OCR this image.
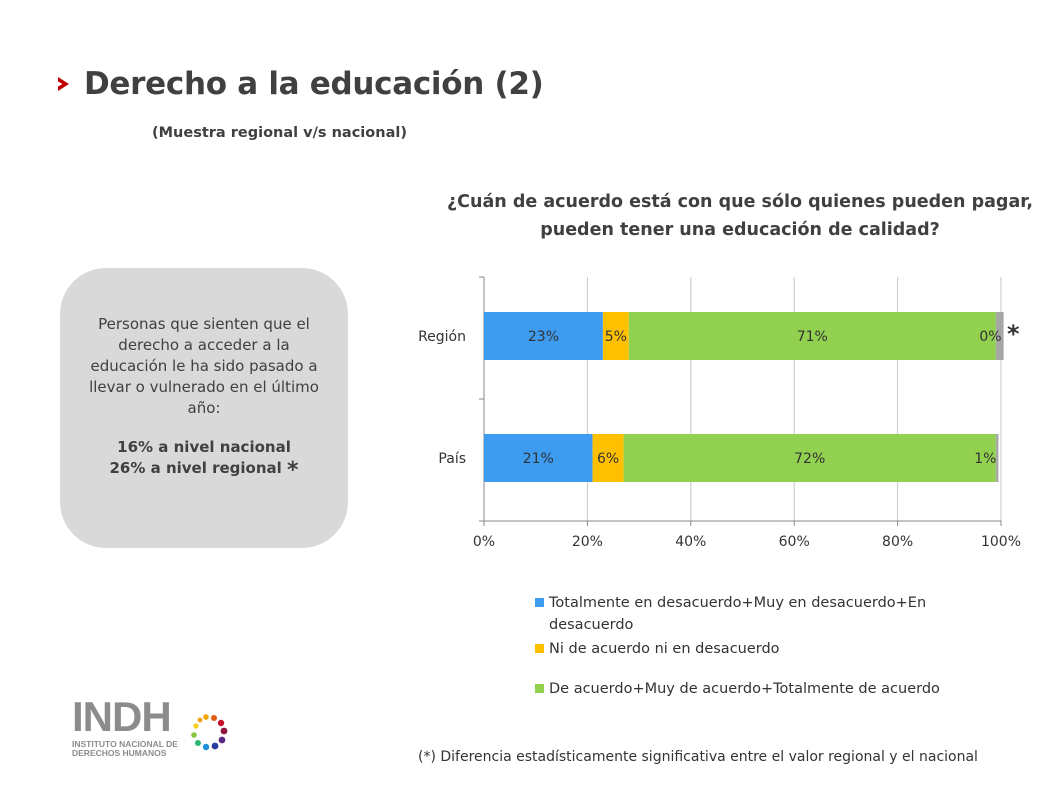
Derecho a la educación (2)
(Muestra regional v/s nacional)
¿Cuán de acuerdo está con que sólo quienes pueden pagar, pueden tener una educación de calidad?
Personas que sienten que el derecho a acceder a la educación le ha sido pasado a llevar o vulnerado en el último año:
16% a nivel nacional
26% a nivel regional *
0%	20%	40%	60%	80%	100%
Región	23%	5%	71%	0% *
País	21%	6%	72%	1%
Totalmente en desacuerdo+Muy en desacuerdo+En desacuerdo
Ni de acuerdo ni en desacuerdo
De acuerdo+Muy de acuerdo+Totalmente de acuerdo
INDH
INSTITUTO NACIONAL DE
DERECHOS HUMANOS	(*) Diferencia estadísticamente significativa entre el valor regional y el nacional
